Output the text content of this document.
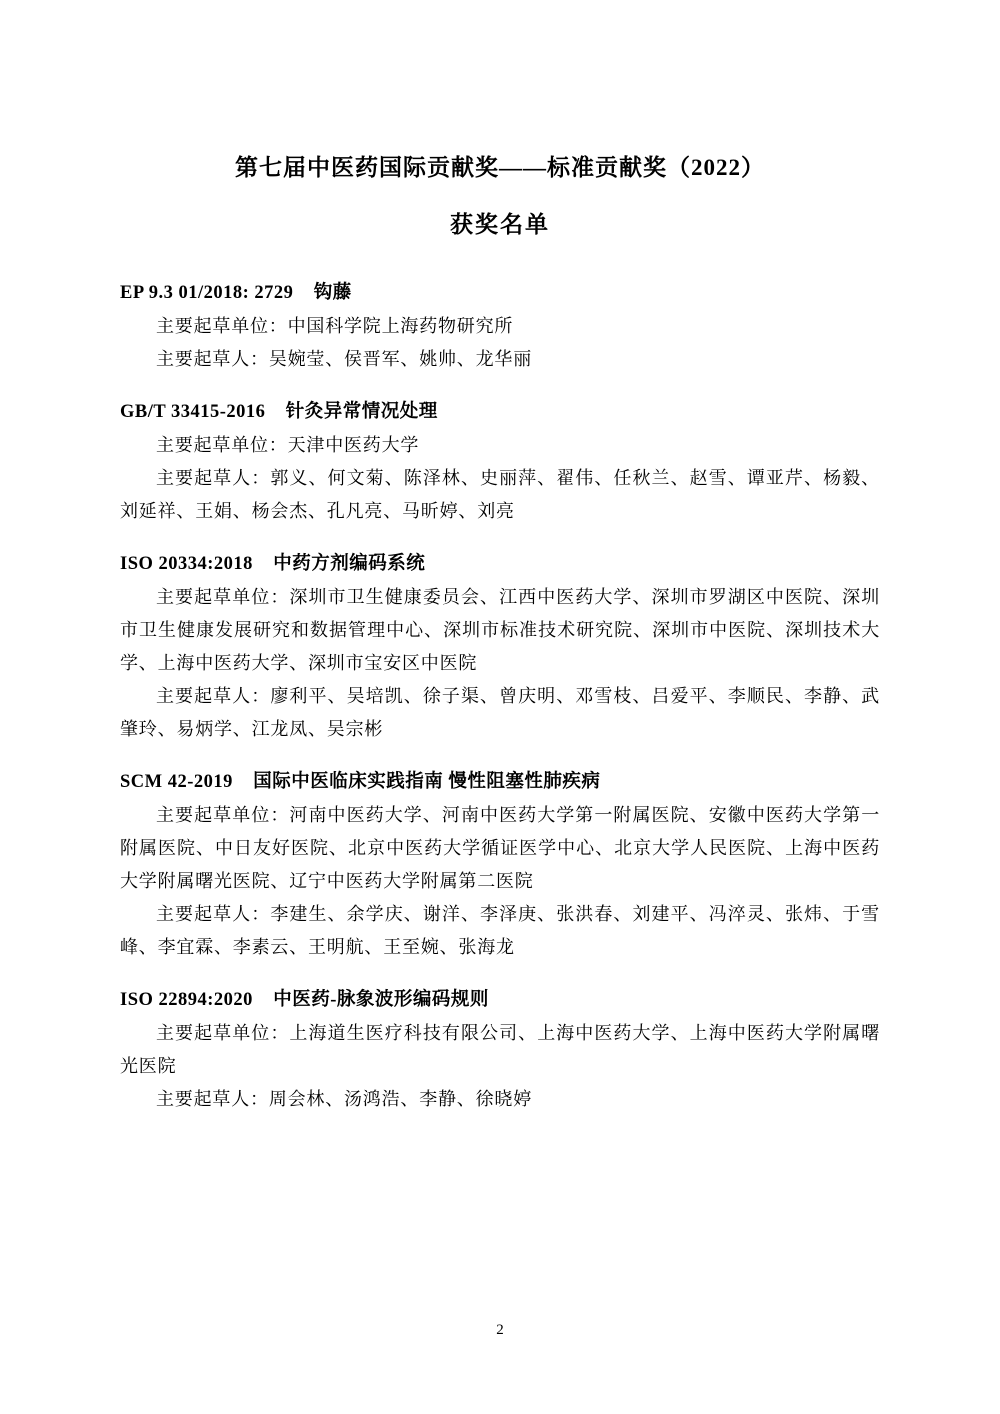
第七届中医药国际贡献奖——标准贡献奖（2022）
获奖名单
EP 9.3 01/2018: 2729 钩藤

主要起草单位：中国科学院上海药物研究所

主要起草人：吴婉莹、侯晋军、姚帅、龙华丽

GB/T 33415-2016 针灸异常情况处理

主要起草单位：天津中医药大学

主要起草人：郭义、何文菊、陈泽林、史丽萍、翟伟、任秋兰、赵雪、谭亚芹、杨毅、刘延祥、王娟、杨会杰、孔凡亮、马昕婷、刘亮

ISO 20334:2018 中药方剂编码系统

主要起草单位：深圳市卫生健康委员会、江西中医药大学、深圳市罗湖区中医院、深圳市卫生健康发展研究和数据管理中心、深圳市标准技术研究院、深圳市中医院、深圳技术大学、上海中医药大学、深圳市宝安区中医院

主要起草人：廖利平、吴培凯、徐子渠、曾庆明、邓雪枝、吕爱平、李顺民、李静、武肇玲、易炳学、江龙凤、吴宗彬

SCM 42-2019 国际中医临床实践指南 慢性阻塞性肺疾病

主要起草单位：河南中医药大学、河南中医药大学第一附属医院、安徽中医药大学第一附属医院、中日友好医院、北京中医药大学循证医学中心、北京大学人民医院、上海中医药大学附属曙光医院、辽宁中医药大学附属第二医院

主要起草人：李建生、余学庆、谢洋、李泽庚、张洪春、刘建平、冯淬灵、张炜、于雪峰、李宜霖、李素云、王明航、王至婉、张海龙

ISO 22894:2020 中医药-脉象波形编码规则

主要起草单位：上海道生医疗科技有限公司、上海中医药大学、上海中医药大学附属曙光医院

主要起草人：周会林、汤鸿浩、李静、徐晓婷

2
